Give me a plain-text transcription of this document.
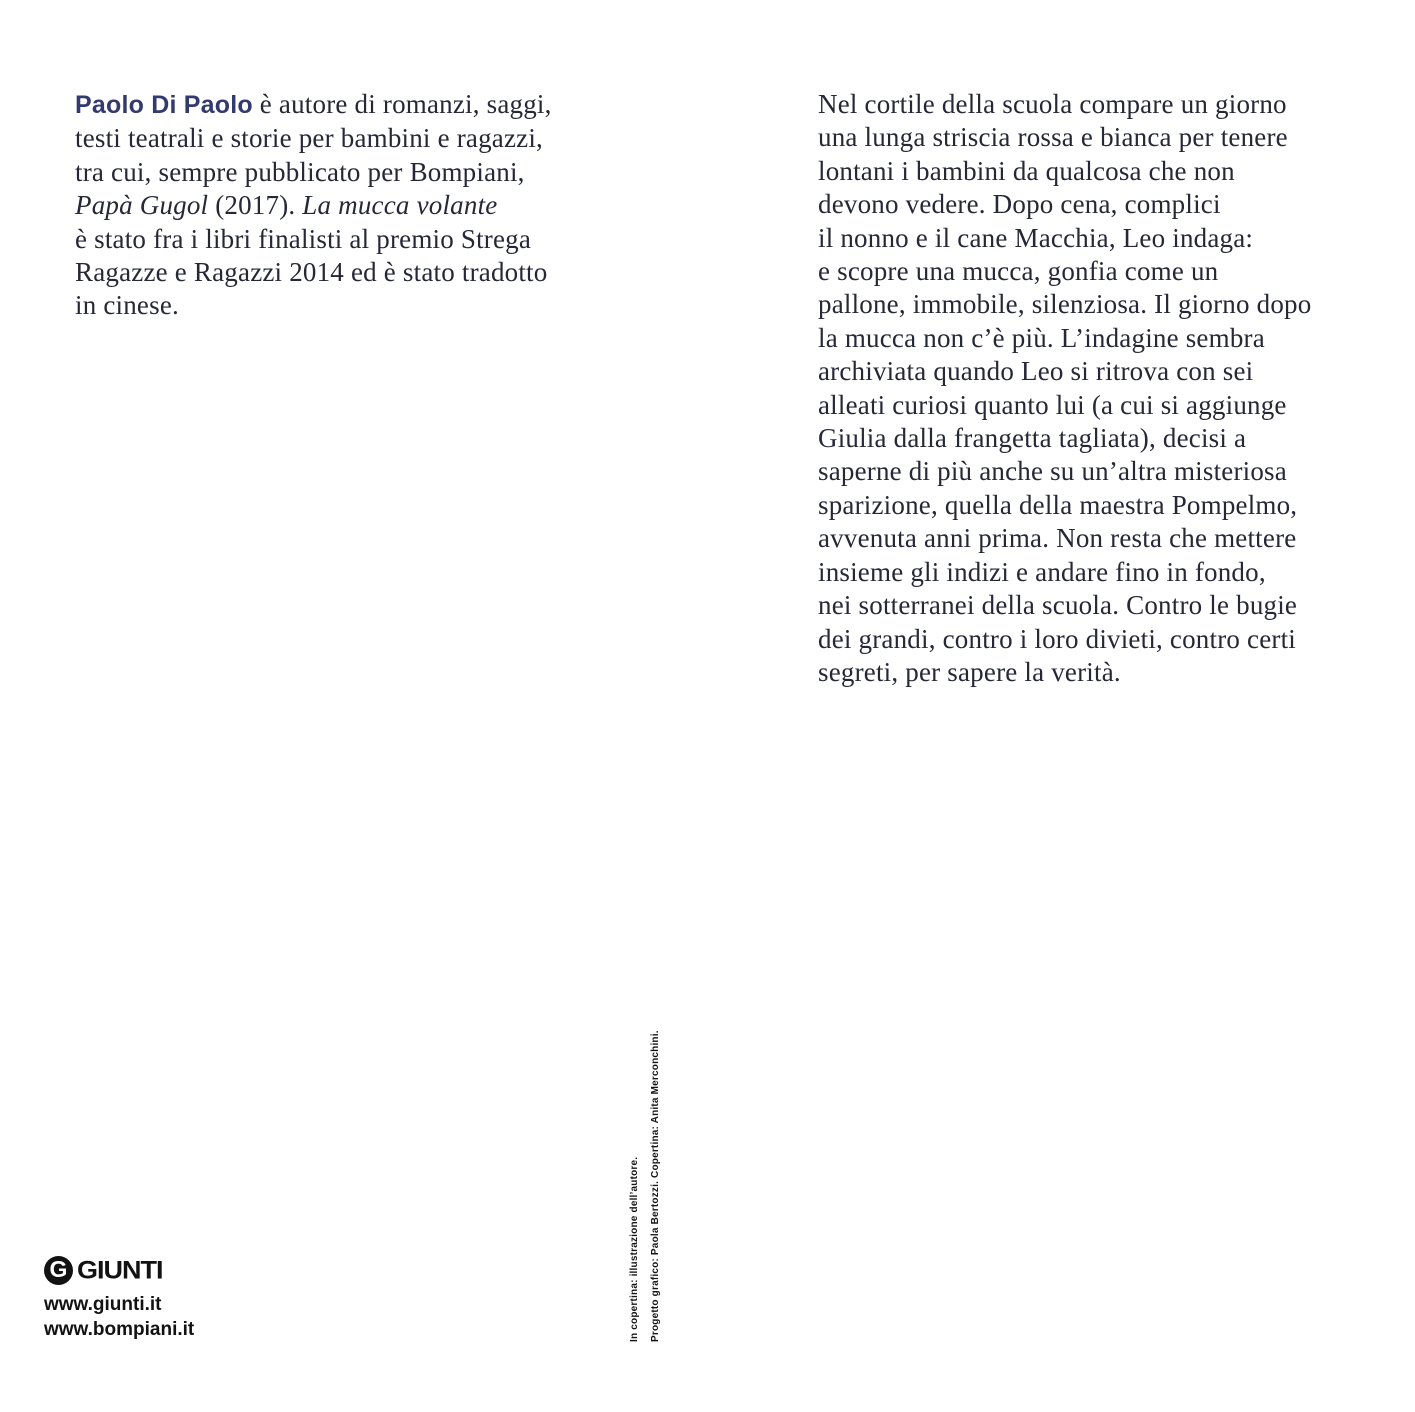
Paolo Di Paolo è autore di romanzi, saggi,
testi teatrali e storie per bambini e ragazzi,
tra cui, sempre pubblicato per Bompiani,
Papà Gugol (2017). La mucca volante
è stato fra i libri finalisti al premio Strega
Ragazze e Ragazzi 2014 ed è stato tradotto
in cinese.
Nel cortile della scuola compare un giorno
una lunga striscia rossa e bianca per tenere
lontani i bambini da qualcosa che non
devono vedere. Dopo cena, complici
il nonno e il cane Macchia, Leo indaga:
e scopre una mucca, gonfia come un
pallone, immobile, silenziosa. Il giorno dopo
la mucca non c’è più. L’indagine sembra
archiviata quando Leo si ritrova con sei
alleati curiosi quanto lui (a cui si aggiunge
Giulia dalla frangetta tagliata), decisi a
saperne di più anche su un’altra misteriosa
sparizione, quella della maestra Pompelmo,
avvenuta anni prima. Non resta che mettere
insieme gli indizi e andare fino in fondo,
nei sotterranei della scuola. Contro le bugie
dei grandi, contro i loro divieti, contro certi
segreti, per sapere la verità.
In copertina: illustrazione dell’autore.	Progetto grafico: Paola Bertozzi. Copertina: Anita Merconchini.
G GIUNTI
www.giunti.it
www.bompiani.it
